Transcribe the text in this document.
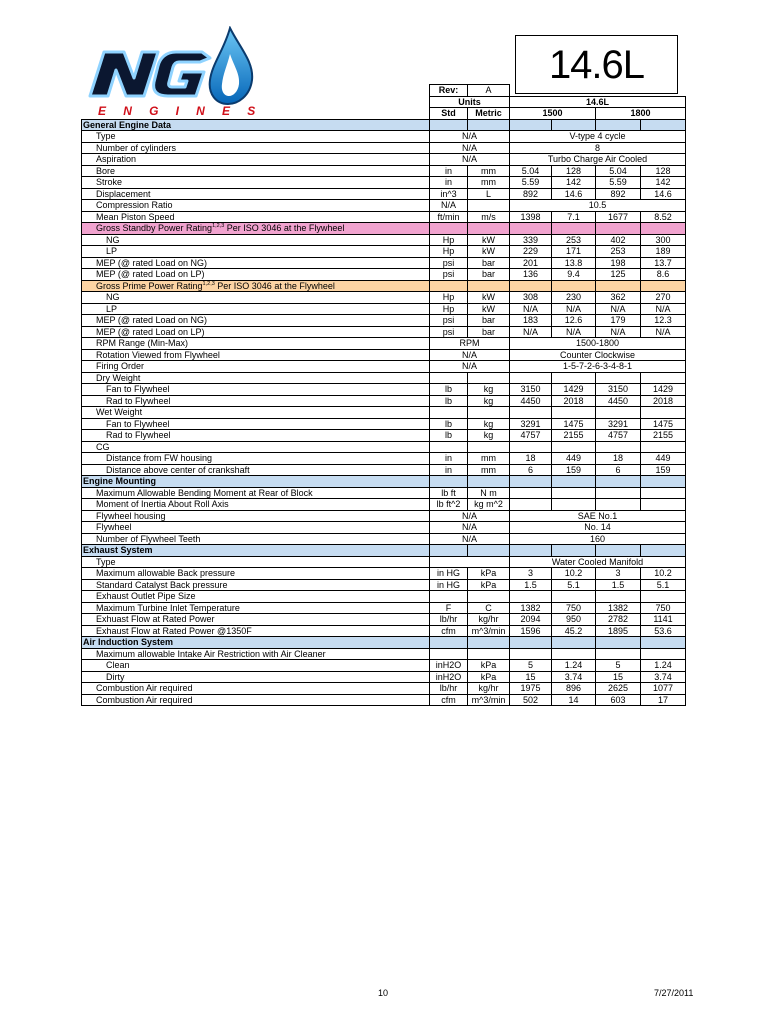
ENGINES
14.6L
	Rev:	A				
	Units		14.6L			
	Std	Metric	1500		1800	
General Engine Data						
Type	N/A		V-type 4 cycle			
Number of cylinders	N/A		8			
Aspiration	N/A		Turbo Charge Air Cooled			
Bore	in	mm	5.04	128	5.04	128
Stroke	in	mm	5.59	142	5.59	142
Displacement	in^3	L	892	14.6	892	14.6
Compression Ratio	N/A		10.5			
Mean Piston Speed	ft/min	m/s	1398	7.1	1677	8.52
Gross Standby Power Rating$^{1,2,3}$ Per ISO 3046 at the Flywheel						
NG	Hp	kW	339	253	402	300
LP	Hp	kW	229	171	253	189
MEP (@ rated Load on NG)	psi	bar	201	13.8	198	13.7
MEP (@ rated Load on LP)	psi	bar	136	9.4	125	8.6
Gross Prime Power Rating$^{1,2,3}$ Per ISO 3046 at the Flywheel						
NG	Hp	kW	308	230	362	270
LP	Hp	kW	N/A	N/A	N/A	N/A
MEP (@ rated Load on NG)	psi	bar	183	12.6	179	12.3
MEP (@ rated Load on LP)	psi	bar	N/A	N/A	N/A	N/A
RPM Range (Min-Max)	RPM		1500-1800			
Rotation Viewed from Flywheel	N/A		Counter Clockwise			
Firing Order	N/A		1-5-7-2-6-3-4-8-1			
Dry Weight						
Fan to Flywheel	lb	kg	3150	1429	3150	1429
Rad to Flywheel	lb	kg	4450	2018	4450	2018
Wet Weight						
Fan to Flywheel	lb	kg	3291	1475	3291	1475
Rad to Flywheel	lb	kg	4757	2155	4757	2155
CG						
Distance from FW housing	in	mm	18	449	18	449
Distance above center of crankshaft	in	mm	6	159	6	159
Engine Mounting						
Maximum Allowable Bending Moment at Rear of Block	lb ft	N m				
Moment of Inertia About Roll Axis	lb ft^2	kg m^2				
Flywheel housing	N/A		SAE No.1			
Flywheel	N/A		No. 14			
Number of Flywheel Teeth	N/A		160			
Exhaust System						
Type			Water Cooled Manifold			
Maximum allowable Back pressure	in HG	kPa	3	10.2	3	10.2
Standard Catalyst Back pressure	in HG	kPa	1.5	5.1	1.5	5.1
Exhaust Outlet Pipe Size						
Maximum Turbine Inlet Temperature	F	C	1382	750	1382	750
Exhuast Flow at Rated Power	lb/hr	kg/hr	2094	950	2782	1141
Exhaust Flow at Rated Power @1350F	cfm	m^3/min	1596	45.2	1895	53.6
Air Induction System						
Maximum allowable Intake Air Restriction with Air Cleaner						
Clean	inH2O	kPa	5	1.24	5	1.24
Dirty	inH2O	kPa	15	3.74	15	3.74
Combustion Air required	lb/hr	kg/hr	1975	896	2625	1077
Combustion Air required	cfm	m^3/min	502	14	603	17
10	7/27/2011
